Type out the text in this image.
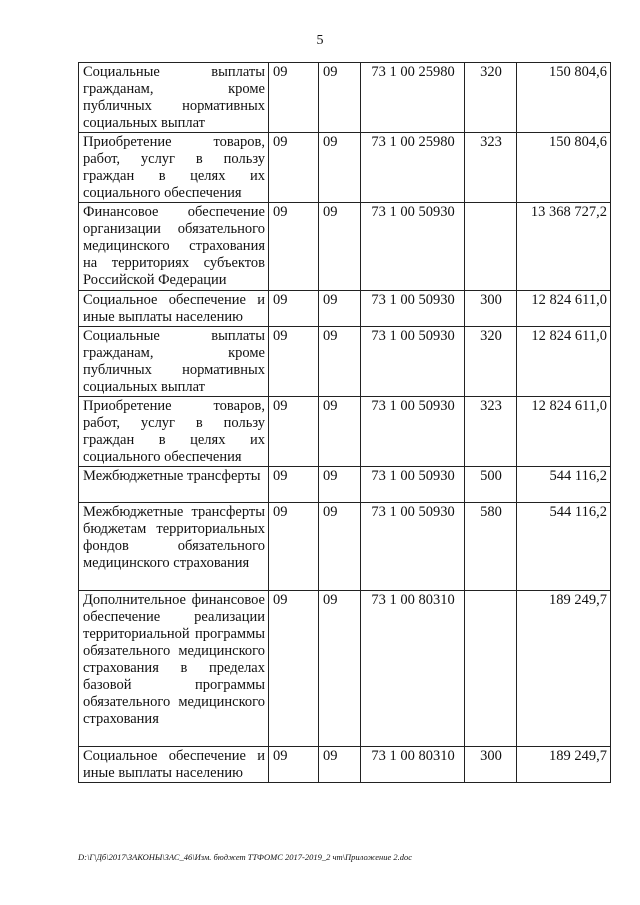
5
Социальные выплаты гражданам, кроме публичных нормативных социальных выплат	09	09	73 1 00 25980	320	150 804,6
Приобретение товаров, работ, услуг в пользу граждан в целях их социального обеспечения	09	09	73 1 00 25980	323	150 804,6
Финансовое обеспечение организации обязательного медицинского страхования на территориях субъектов Российской Федерации	09	09	73 1 00 50930		13 368 727,2
Социальное обеспечение и иные выплаты населению	09	09	73 1 00 50930	300	12 824 611,0
Социальные выплаты гражданам, кроме публичных нормативных социальных выплат	09	09	73 1 00 50930	320	12 824 611,0
Приобретение товаров, работ, услуг в пользу граждан в целях их социального обеспечения	09	09	73 1 00 50930	323	12 824 611,0
Межбюджетные трансферты	09	09	73 1 00 50930	500	544 116,2
Межбюджетные трансферты бюджетам территориальных фондов обязательного медицинского страхования	09	09	73 1 00 50930	580	544 116,2
Дополнительное финансовое обеспечение реализации территориальной программы обязательного медицинского страхования в пределах базовой программы обязательного медицинского страхования	09	09	73 1 00 80310		189 249,7
Социальное обеспечение и иные выплаты населению	09	09	73 1 00 80310	300	189 249,7
D:\Г\Дб\2017\ЗАКОНЫ\ЗАС_46\Изм. бюджет ТТФОМС 2017-2019_2 чт\Приложение 2.doc
